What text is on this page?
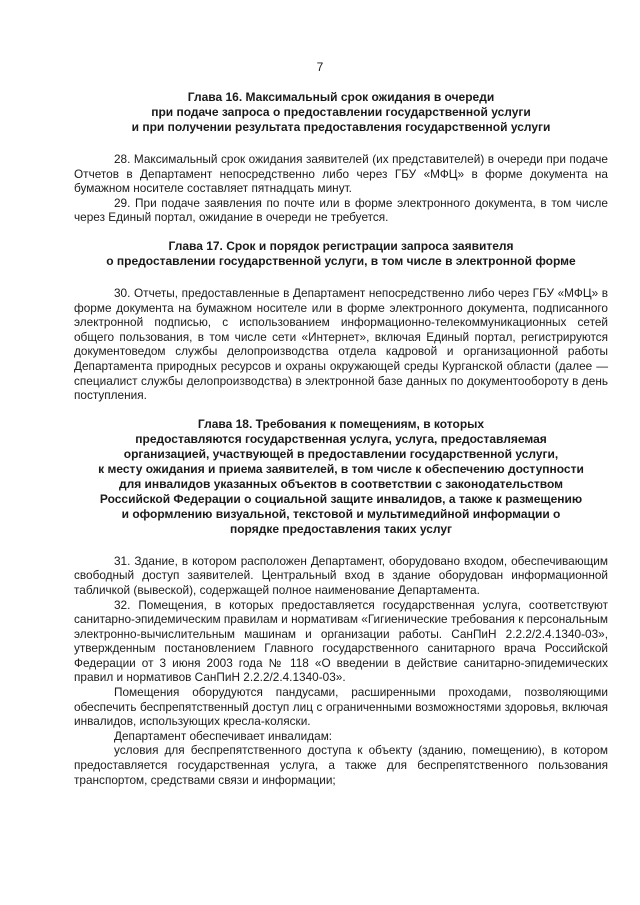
7
Глава 16. Максимальный срок ожидания в очереди
при подаче запроса о предоставлении государственной услуги
и при получении результата предоставления государственной услуги

28. Максимальный срок ожидания заявителей (их представителей) в очереди при подаче Отчетов в Департамент непосредственно либо через ГБУ «МФЦ» в форме документа на бумажном носителе составляет пятнадцать минут.

29. При подаче заявления по почте или в форме электронного документа, в том числе через Единый портал, ожидание в очереди не требуется.

Глава 17. Срок и порядок регистрации запроса заявителя
о предоставлении государственной услуги, в том числе в электронной форме

30. Отчеты, предоставленные в Департамент непосредственно либо через ГБУ «МФЦ» в форме документа на бумажном носителе или в форме электронного документа, подписанного электронной подписью, с использованием информационно-телекоммуникационных сетей общего пользования, в том числе сети «Интернет», включая Единый портал, регистрируются документоведом службы делопроизводства отдела кадровой и организационной работы Департамента природных ресурсов и охраны окружающей среды Курганской области (далее — специалист службы делопроизводства) в электронной базе данных по документообороту в день поступления.

Глава 18. Требования к помещениям, в которых
предоставляются государственная услуга, услуга, предоставляемая
организацией, участвующей в предоставлении государственной услуги,
к месту ожидания и приема заявителей, в том числе к обеспечению доступности
для инвалидов указанных объектов в соответствии с законодательством
Российской Федерации о социальной защите инвалидов, а также к размещению
и оформлению визуальной, текстовой и мультимедийной информации о
порядке предоставления таких услуг

31. Здание, в котором расположен Департамент, оборудовано входом, обеспечивающим свободный доступ заявителей. Центральный вход в здание оборудован информационной табличкой (вывеской), содержащей полное наименование Департамента.

32. Помещения, в которых предоставляется государственная услуга, соответствуют санитарно-эпидемическим правилам и нормативам «Гигиенические требования к персональным электронно-вычислительным машинам и организации работы. СанПиН 2.2.2/2.4.1340-03», утвержденным постановлением Главного государственного санитарного врача Российской Федерации от 3 июня 2003 года № 118 «О введении в действие санитарно-эпидемических правил и нормативов СанПиН 2.2.2/2.4.1340-03».

Помещения оборудуются пандусами, расширенными проходами, позволяющими обеспечить беспрепятственный доступ лиц с ограниченными возможностями здоровья, включая инвалидов, использующих кресла-коляски.

Департамент обеспечивает инвалидам:

условия для беспрепятственного доступа к объекту (зданию, помещению), в котором предоставляется государственная услуга, а также для беспрепятственного пользования транспортом, средствами связи и информации;
